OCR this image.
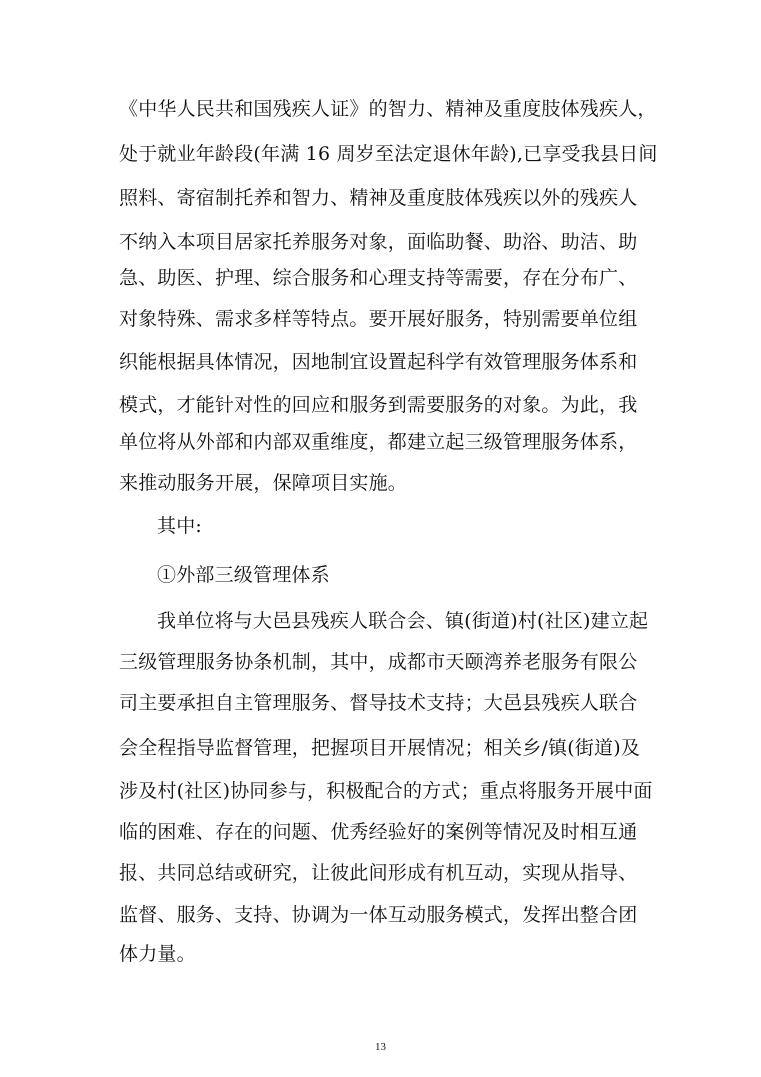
《中华人民共和国残疾人证》的智力、精神及重度肢体残疾人，
处于就业年龄段(年满 16 周岁至法定退休年龄),已享受我县日间
照料、寄宿制托养和智力、精神及重度肢体残疾以外的残疾人
不纳入本项目居家托养服务对象，面临助餐、助浴、助洁、助
急、助医、护理、综合服务和心理支持等需要，存在分布广、
对象特殊、需求多样等特点。要开展好服务，特别需要单位组
织能根据具体情况，因地制宜设置起科学有效管理服务体系和
模式，才能针对性的回应和服务到需要服务的对象。为此，我
单位将从外部和内部双重维度，都建立起三级管理服务体系，
来推动服务开展，保障项目实施。
其中:
➀外部三级管理体系
我单位将与大邑县残疾人联合会、镇(街道)村(社区)建立起
三级管理服务协条机制，其中，成都市天颐湾养老服务有限公
司主要承担自主管理服务、督导技术支持；大邑县残疾人联合
会全程指导监督管理，把握项目开展情况；相关乡/镇(街道)及
涉及村(社区)协同参与，积极配合的方式；重点将服务开展中面
临的困难、存在的问题、优秀经验好的案例等情况及时相互通
报、共同总结或研究，让彼此间形成有机互动，实现从指导、
监督、服务、支持、协调为一体互动服务模式，发挥出整合团
体力量。
13
